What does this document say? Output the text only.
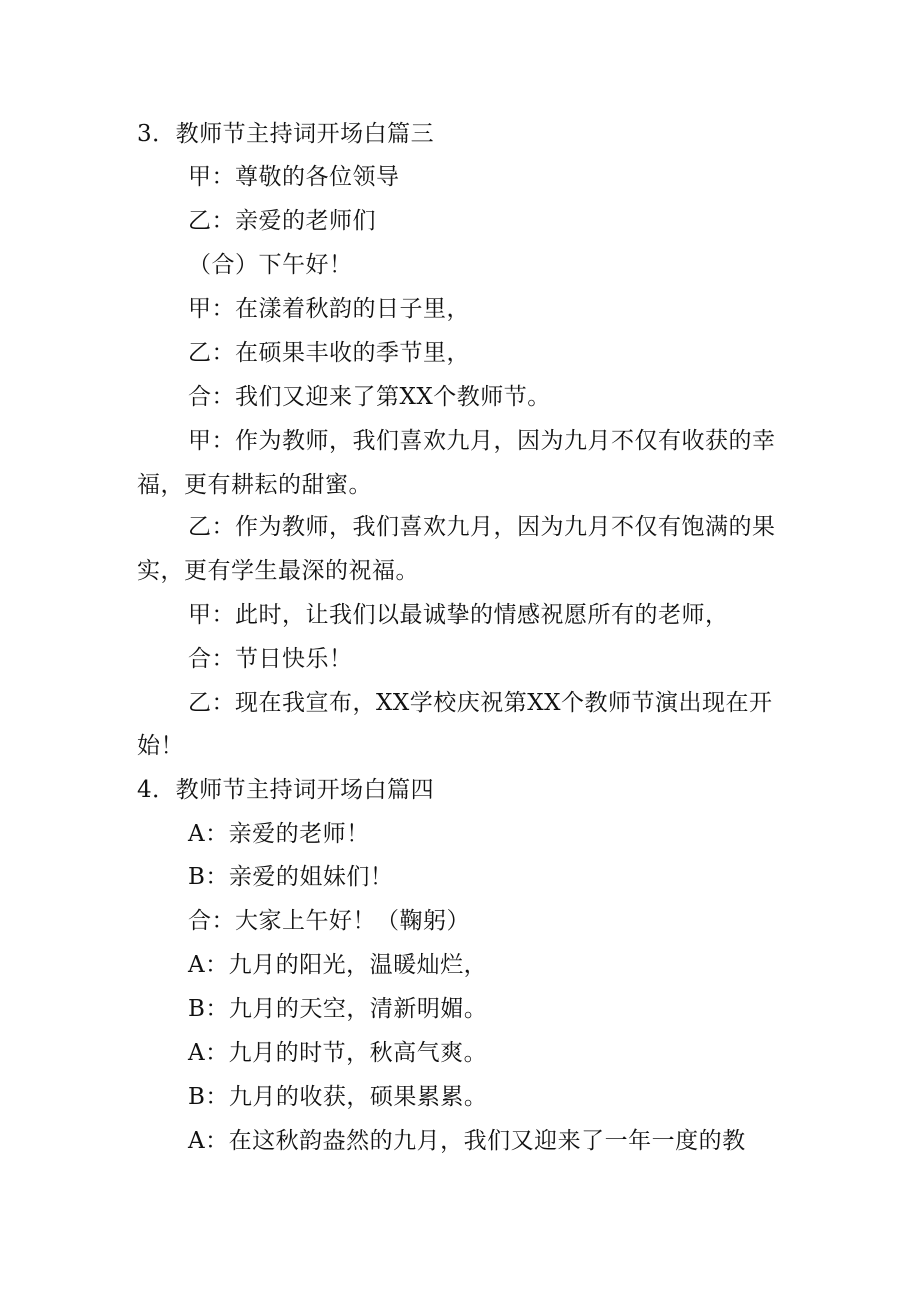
3．教师节主持词开场白篇三
甲：尊敬的各位领导
乙：亲爱的老师们
（合）下午好！
甲：在漾着秋韵的日子里，
乙：在硕果丰收的季节里，
合：我们又迎来了第XX个教师节。
甲：作为教师，我们喜欢九月，因为九月不仅有收获的幸
福，更有耕耘的甜蜜。
乙：作为教师，我们喜欢九月，因为九月不仅有饱满的果
实，更有学生最深的祝福。
甲：此时，让我们以最诚挚的情感祝愿所有的老师，
合：节日快乐！
乙：现在我宣布，XX学校庆祝第XX个教师节演出现在开
始！
4．教师节主持词开场白篇四
A：亲爱的老师！
B：亲爱的姐妹们！
合：大家上午好！（鞠躬）
A：九月的阳光，温暖灿烂，
B：九月的天空，清新明媚。
A：九月的时节，秋高气爽。
B：九月的收获，硕果累累。
A：在这秋韵盎然的九月，我们又迎来了一年一度的教
